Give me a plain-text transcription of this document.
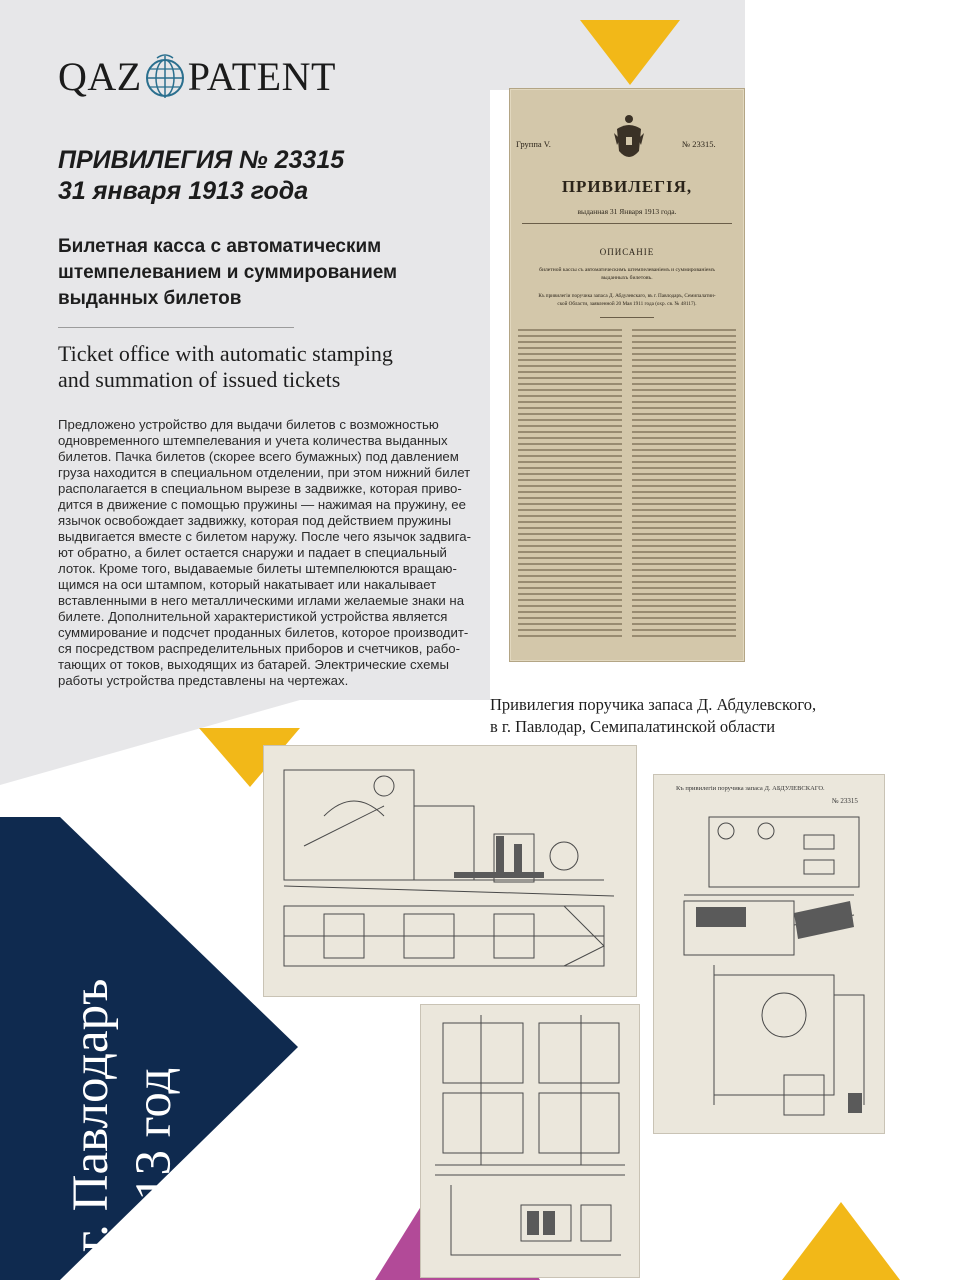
QAZ PATENT
ПРИВИЛЕГИЯ № 23315
31 января 1913 года
Билетная касса с автоматическим
штемпелеванием и суммированием
выданных билетов
Ticket office with automatic stamping
and summation of issued tickets
Предложено устройство для выдачи билетов с возможностью
одновременного штемпелевания и учета количества выданных
билетов. Пачка билетов (скорее всего бумажных) под давлением
груза находится в специальном отделении, при этом нижний билет
располагается в специальном вырезе в задвижке, которая приво-
дится в движение с помощью пружины — нажимая на пружину, ее
язычок освобождает задвижку, которая под действием пружины
выдвигается вместе с билетом наружу. После чего язычок задвига-
ют обратно, а билет остается снаружи и падает в специальный
лоток. Кроме того, выдаваемые билеты штемпелюются вращаю-
щимся на оси штампом, который накатывает или накалывает
вставленными в него металлическими иглами желаемые знаки на
билете. Дополнительной характеристикой устройства является
суммирование и подсчет проданных билетов, которое производит-
ся посредством распределительных приборов и счетчиков, рабо-
тающих от токов, выходящих из батарей. Электрические схемы
работы устройства представлены на чертежах.
Группа V.	№ 23315.
ПРИВИЛЕГІЯ,
выданная 31 Января 1913 года.
ОПИСАНІЕ
билетной кассы съ автоматическимъ штемпелеваніемъ и суммированіемъ
выданныхъ билетовъ.
Къ привилегіи поручика запаса Д. Абдулевскаго, въ г. Павлодаръ, Семипалатин-
ской Области, заявленной 20 Мая 1911 года (охр. св. № 48117).
Привилегия поручика запаса Д. Абдулевского,
в г. Павлодар, Семипалатинской области
Къ привилегіи поручика запаса Д. АБДУЛЕВСКАГО.
№ 23315
г. Павлодаръ 1913 год
